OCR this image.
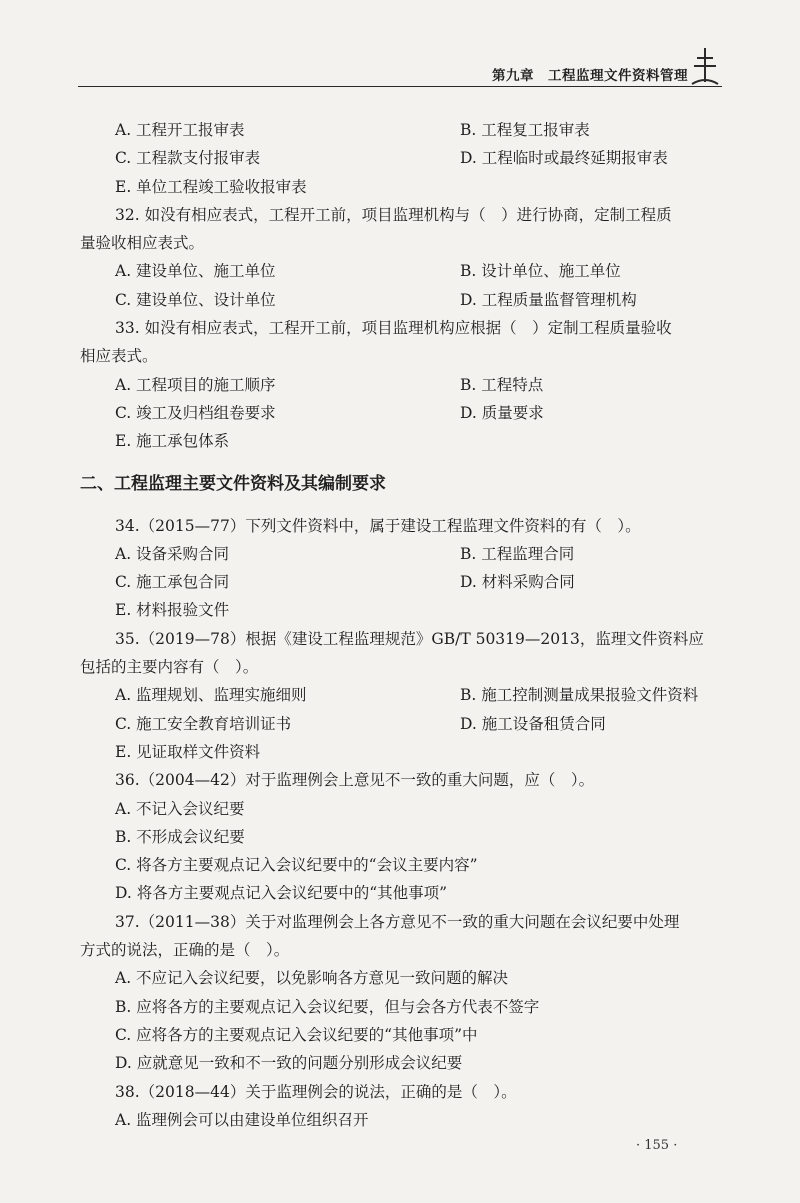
第九章　工程监理文件资料管理
A. 工程开工报审表	B. 工程复工报审表
C. 工程款支付报审表	D. 工程临时或最终延期报审表
E. 单位工程竣工验收报审表
32. 如没有相应表式，工程开工前，项目监理机构与（　）进行协商，定制工程质
量验收相应表式。
A. 建设单位、施工单位	B. 设计单位、施工单位
C. 建设单位、设计单位	D. 工程质量监督管理机构
33. 如没有相应表式，工程开工前，项目监理机构应根据（　）定制工程质量验收
相应表式。
A. 工程项目的施工顺序	B. 工程特点
C. 竣工及归档组卷要求	D. 质量要求
E. 施工承包体系
二、工程监理主要文件资料及其编制要求
34.（2015—77）下列文件资料中，属于建设工程监理文件资料的有（　）。
A. 设备采购合同	B. 工程监理合同
C. 施工承包合同	D. 材料采购合同
E. 材料报验文件
35.（2019—78）根据《建设工程监理规范》GB/T 50319—2013，监理文件资料应
包括的主要内容有（　）。
A. 监理规划、监理实施细则	B. 施工控制测量成果报验文件资料
C. 施工安全教育培训证书	D. 施工设备租赁合同
E. 见证取样文件资料
36.（2004—42）对于监理例会上意见不一致的重大问题，应（　）。
A. 不记入会议纪要
B. 不形成会议纪要
C. 将各方主要观点记入会议纪要中的“会议主要内容”
D. 将各方主要观点记入会议纪要中的“其他事项”
37.（2011—38）关于对监理例会上各方意见不一致的重大问题在会议纪要中处理
方式的说法，正确的是（　）。
A. 不应记入会议纪要，以免影响各方意见一致问题的解决
B. 应将各方的主要观点记入会议纪要，但与会各方代表不签字
C. 应将各方的主要观点记入会议纪要的“其他事项”中
D. 应就意见一致和不一致的问题分别形成会议纪要
38.（2018—44）关于监理例会的说法，正确的是（　）。
A. 监理例会可以由建设单位组织召开
· 155 ·
